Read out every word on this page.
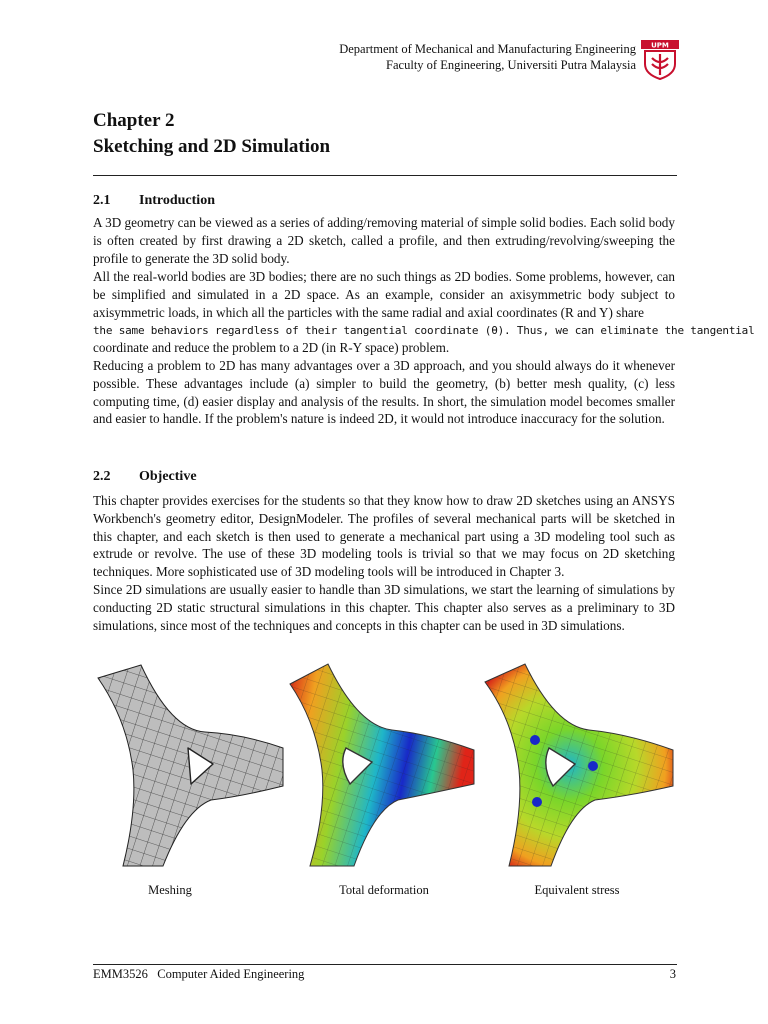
Department of Mechanical and Manufacturing Engineering
Faculty of Engineering, Universiti Putra Malaysia
UPM
Chapter 2
Sketching and 2D Simulation
2.1 Introduction

A 3D geometry can be viewed as a series of adding/removing material of simple solid bodies. Each solid body is often created by first drawing a 2D sketch, called a profile, and then extruding/revolving/sweeping the profile to generate the 3D solid body.

All the real-world bodies are 3D bodies; there are no such things as 2D bodies. Some problems, however, can be simplified and simulated in a 2D space. As an example, consider an axisymmetric body subject to axisymmetric loads, in which all the particles with the same radial and axial coordinates (R and Y) share

the same behaviors regardless of their tangential coordinate (θ). Thus, we can eliminate the tangential

coordinate and reduce the problem to a 2D (in R-Y space) problem.

Reducing a problem to 2D has many advantages over a 3D approach, and you should always do it whenever possible. These advantages include (a) simpler to build the geometry, (b) better mesh quality, (c) less computing time, (d) easier display and analysis of the results. In short, the simulation model becomes smaller and easier to handle. If the problem's nature is indeed 2D, it would not introduce inaccuracy for the solution.

2.2 Objective

This chapter provides exercises for the students so that they know how to draw 2D sketches using an ANSYS Workbench's geometry editor, DesignModeler. The profiles of several mechanical parts will be sketched in this chapter, and each sketch is then used to generate a mechanical part using a 3D modeling tool such as extrude or revolve. The use of these 3D modeling tools is trivial so that we may focus on 2D sketching techniques. More sophisticated use of 3D modeling tools will be introduced in Chapter 3.

Since 2D simulations are usually easier to handle than 3D simulations, we start the learning of simulations by conducting 2D static structural simulations in this chapter. This chapter also serves as a preliminary to 3D simulations, since most of the techniques and concepts in this chapter can be used in 3D simulations.

Meshing	Total deformation	Equivalent stress
EMM3526   Computer Aided Engineering	3
